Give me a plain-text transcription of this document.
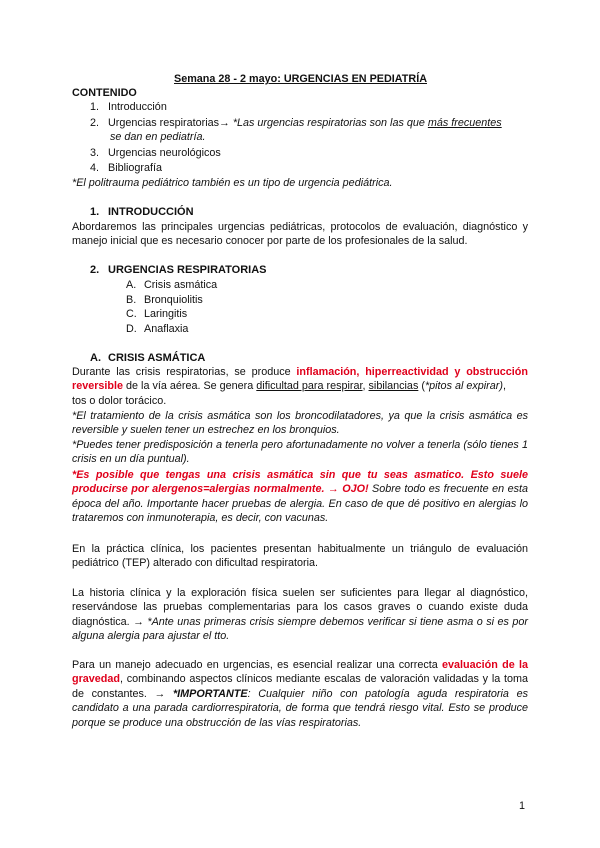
Semana 28 - 2 mayo: URGENCIAS EN PEDIATRÍA
CONTENIDO
1. Introducción
2. Urgencias respiratorias→ *Las urgencias respiratorias son las que más frecuentes
se dan en pediatría.
3. Urgencias neurológicos
4. Bibliografía
*El politrauma pediátrico también es un tipo de urgencia pediátrica.
1. INTRODUCCIÓN
Abordaremos las principales urgencias pediátricas, protocolos de evaluación, diagnóstico y manejo inicial que es necesario conocer por parte de los profesionales de la salud.
2. URGENCIAS RESPIRATORIAS
A. Crisis asmática
B. Bronquiolitis
C. Laringitis
D. Anaflaxia
A. CRISIS ASMÁTICA
Durante las crisis respiratorias, se produce inflamación, hiperreactividad y obstrucción reversible de la vía aérea. Se genera dificultad para respirar, sibilancias (*pitos al expirar),
tos o dolor torácico.
*El tratamiento de la crisis asmática son los broncodilatadores, ya que la crisis asmática es reversible y suelen tener un estrechez en los bronquios.
*Puedes tener predisposición a tenerla pero afortunadamente no volver a tenerla (sólo tienes 1 crisis en un día puntual).
*Es posible que tengas una crisis asmática sin que tu seas asmatico. Esto suele producirse por alergenos=alergias normalmente. → OJO! Sobre todo es frecuente en esta época del año. Importante hacer pruebas de alergia. En caso de que dé positivo en alergias lo trataremos con inmunoterapia, es decir, con vacunas.
En la práctica clínica, los pacientes presentan habitualmente un triángulo de evaluación pediátrico (TEP) alterado con dificultad respiratoria.
La historia clínica y la exploración física suelen ser suficientes para llegar al diagnóstico, reservándose las pruebas complementarias para los casos graves o cuando existe duda diagnóstica. → *Ante unas primeras crisis siempre debemos verificar si tiene asma o si es por alguna alergia para ajustar el tto.
Para un manejo adecuado en urgencias, es esencial realizar una correcta evaluación de la gravedad, combinando aspectos clínicos mediante escalas de valoración validadas y la toma de constantes. → *IMPORTANTE: Cualquier niño con patología aguda respiratoria es candidato a una parada cardiorrespiratoria, de forma que tendrá riesgo vital. Esto se produce porque se produce una obstrucción de las vías respiratorias.
1
